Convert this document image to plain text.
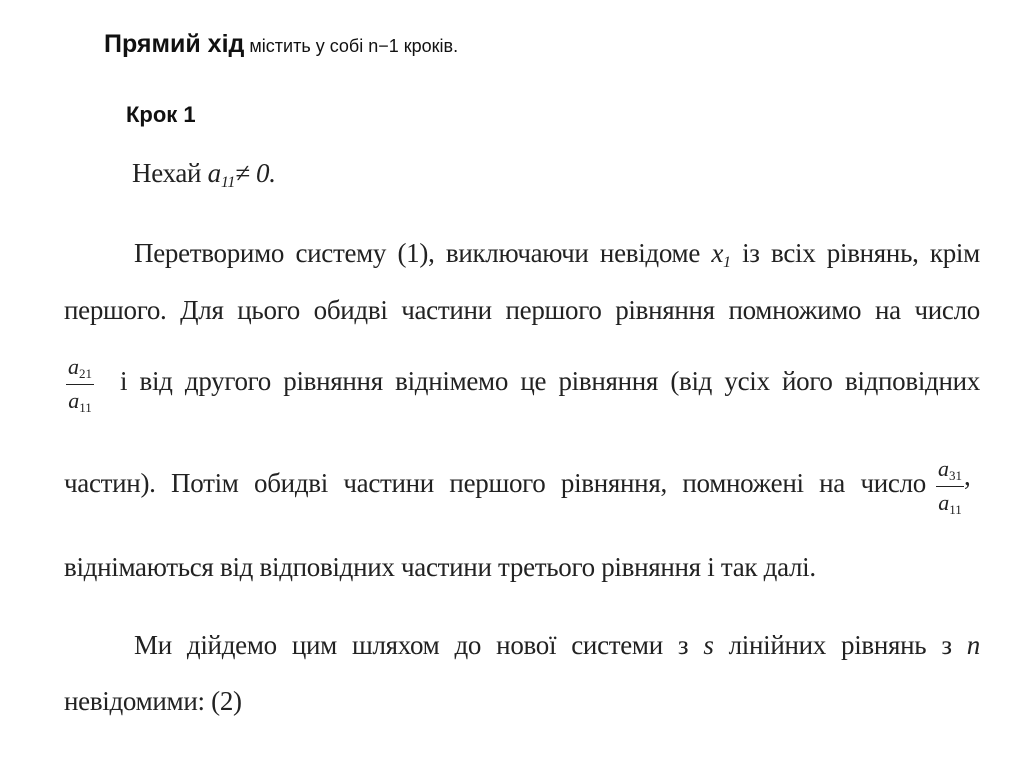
Прямий хід містить у собі n−1 кроків.
Крок 1
Нехай
$a_{11} \ne 0$.
Перетворимо систему (1), виключаючи невідоме $x_1$ із всіх рівнянь, крім
першого. Для цього обидві частини першого рівняння помножимо на число
$\frac{a21}{a11}$ і від другого рівняння віднімемо це рівняння (від усіх його відповідних
частин). Потім обидві частини першого рівняння, помножені на число $\frac{a31}{a11}$ ,
віднімаються від відповідних частини третього рівняння і так далі.
Ми дійдемо цим шляхом до нової системи з s лінійних рівнянь з n
невідомими: (2)
